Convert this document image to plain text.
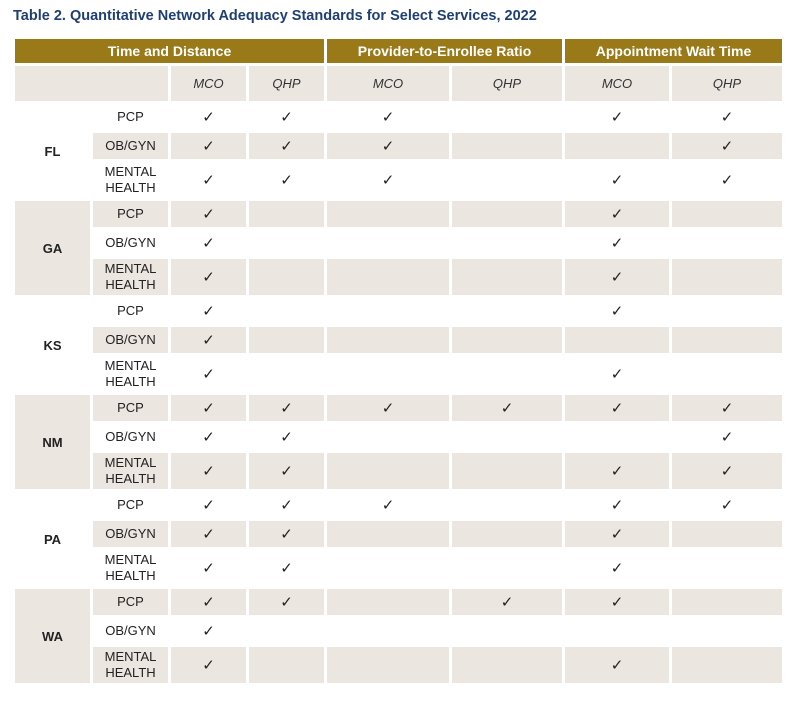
Table 2. Quantitative Network Adequacy Standards for Select Services, 2022
Time and Distance				Provider-to-Enrollee Ratio		Appointment Wait Time	
		MCO	QHP	MCO	QHP	MCO	QHP
FL	PCP	✓	✓	✓		✓	✓
	OB/GYN	✓	✓	✓			✓
	MENTAL HEALTH	✓	✓	✓		✓	✓
GA	PCP	✓				✓	
	OB/GYN	✓				✓	
	MENTAL HEALTH	✓				✓	
KS	PCP	✓				✓	
	OB/GYN	✓					
	MENTAL HEALTH	✓				✓	
NM	PCP	✓	✓	✓	✓	✓	✓
	OB/GYN	✓	✓				✓
	MENTAL HEALTH	✓	✓			✓	✓
PA	PCP	✓	✓	✓		✓	✓
	OB/GYN	✓	✓			✓	
	MENTAL HEALTH	✓	✓			✓	
WA	PCP	✓	✓		✓	✓	
	OB/GYN	✓					
	MENTAL HEALTH	✓				✓	
